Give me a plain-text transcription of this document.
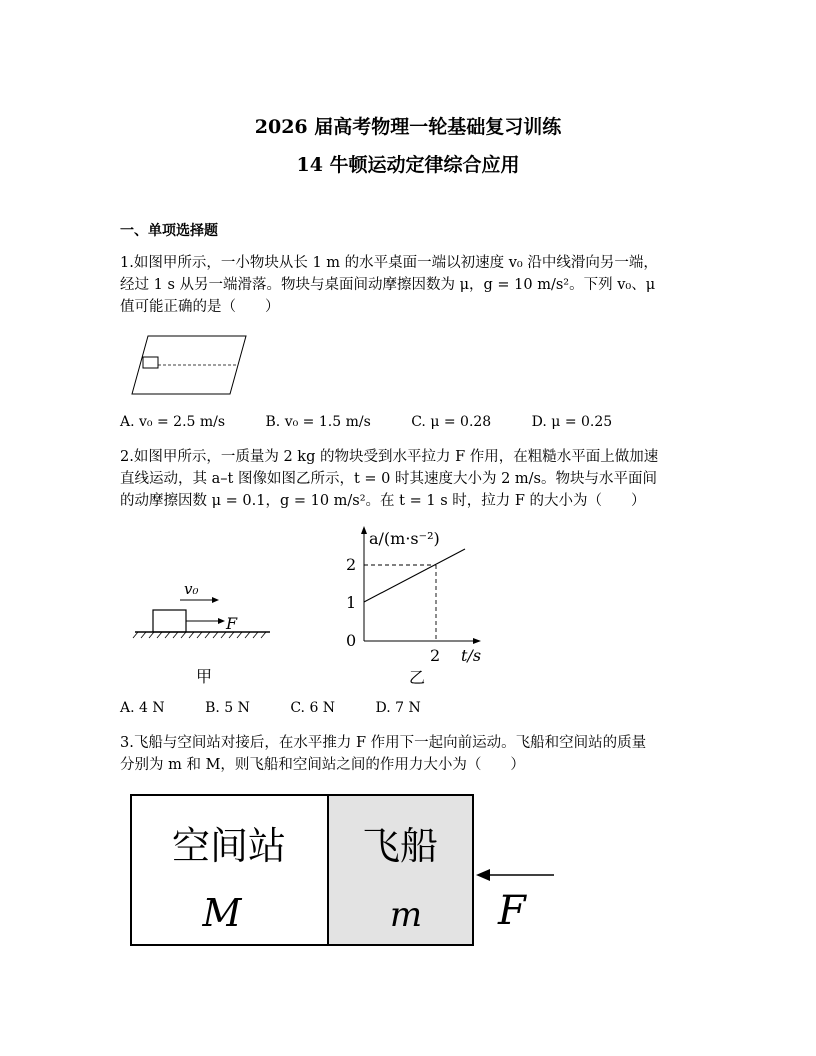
2026 届高考物理一轮基础复习训练
14 牛顿运动定律综合应用
一、单项选择题
1.如图甲所示，一小物块从长 1 m 的水平桌面一端以初速度 v₀ 沿中线滑向另一端，
经过 1 s 从另一端滑落。物块与桌面间动摩擦因数为 μ，g = 10 m/s²。下列 v₀、μ
值可能正确的是（　　）
A. v₀ = 2.5 m/s	B. v₀ = 1.5 m/s	C. μ = 0.28	D. μ = 0.25
2.如图甲所示，一质量为 2 kg 的物块受到水平拉力 F 作用，在粗糙水平面上做加速
直线运动，其 a–t 图像如图乙所示，t = 0 时其速度大小为 2 m/s。物块与水平面间
的动摩擦因数 μ = 0.1，g = 10 m/s²。在 t = 1 s 时，拉力 F 的大小为（　　）
v₀
F
甲
a/(m·s⁻²)
2
1
0
2 t/s
乙
A. 4 N	B. 5 N	C. 6 N	D. 7 N
3.飞船与空间站对接后，在水平推力 F 作用下一起向前运动。飞船和空间站的质量
分别为 m 和 M，则飞船和空间站之间的作用力大小为（　　）
空间站
M
飞船
m F
